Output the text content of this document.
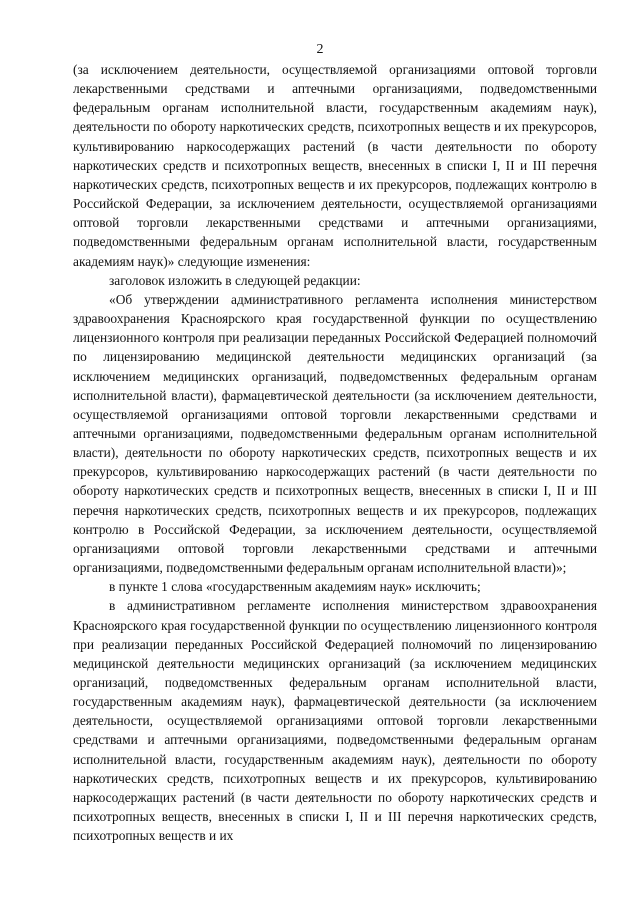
2

(за исключением деятельности, осуществляемой организациями оптовой торговли лекарственными средствами и аптечными организациями, подведомственными федеральным органам исполнительной власти, государственным академиям наук), деятельности по обороту наркотических средств, психотропных веществ и их прекурсоров, культивированию наркосодержащих растений (в части деятельности по обороту наркотических средств и психотропных веществ, внесенных в списки I, II и III перечня наркотических средств, психотропных веществ и их прекурсоров, подлежащих контролю в Российской Федерации, за исключением деятельности, осуществляемой организациями оптовой торговли лекарственными средствами и аптечными организациями, подведомственными федеральным органам исполнительной власти, государственным академиям наук)» следующие изменения:

заголовок изложить в следующей редакции:

«Об утверждении административного регламента исполнения министерством здравоохранения Красноярского края государственной функции по осуществлению лицензионного контроля при реализации переданных Российской Федерацией полномочий по лицензированию медицинской деятельности медицинских организаций (за исключением медицинских организаций, подведомственных федеральным органам исполнительной власти), фармацевтической деятельности (за исключением деятельности, осуществляемой организациями оптовой торговли лекарственными средствами и аптечными организациями, подведомственными федеральным органам исполнительной власти), деятельности по обороту наркотических средств, психотропных веществ и их прекурсоров, культивированию наркосодержащих растений (в части деятельности по обороту наркотических средств и психотропных веществ, внесенных в списки I, II и III перечня наркотических средств, психотропных веществ и их прекурсоров, подлежащих контролю в Российской Федерации, за исключением деятельности, осуществляемой организациями оптовой торговли лекарственными средствами и аптечными организациями, подведомственными федеральным органам исполнительной власти)»;

в пункте 1 слова «государственным академиям наук» исключить;

в административном регламенте исполнения министерством здравоохранения Красноярского края государственной функции по осуществлению лицензионного контроля при реализации переданных Российской Федерацией полномочий по лицензированию медицинской деятельности медицинских организаций (за исключением медицинских организаций, подведомственных федеральным органам исполнительной власти, государственным академиям наук), фармацевтической деятельности (за исключением деятельности, осуществляемой организациями оптовой торговли лекарственными средствами и аптечными организациями, подведомственными федеральным органам исполнительной власти, государственным академиям наук), деятельности по обороту наркотических средств, психотропных веществ и их прекурсоров, культивированию наркосодержащих растений (в части деятельности по обороту наркотических средств и психотропных веществ, внесенных в списки I, II и III перечня наркотических средств, психотропных веществ и их
